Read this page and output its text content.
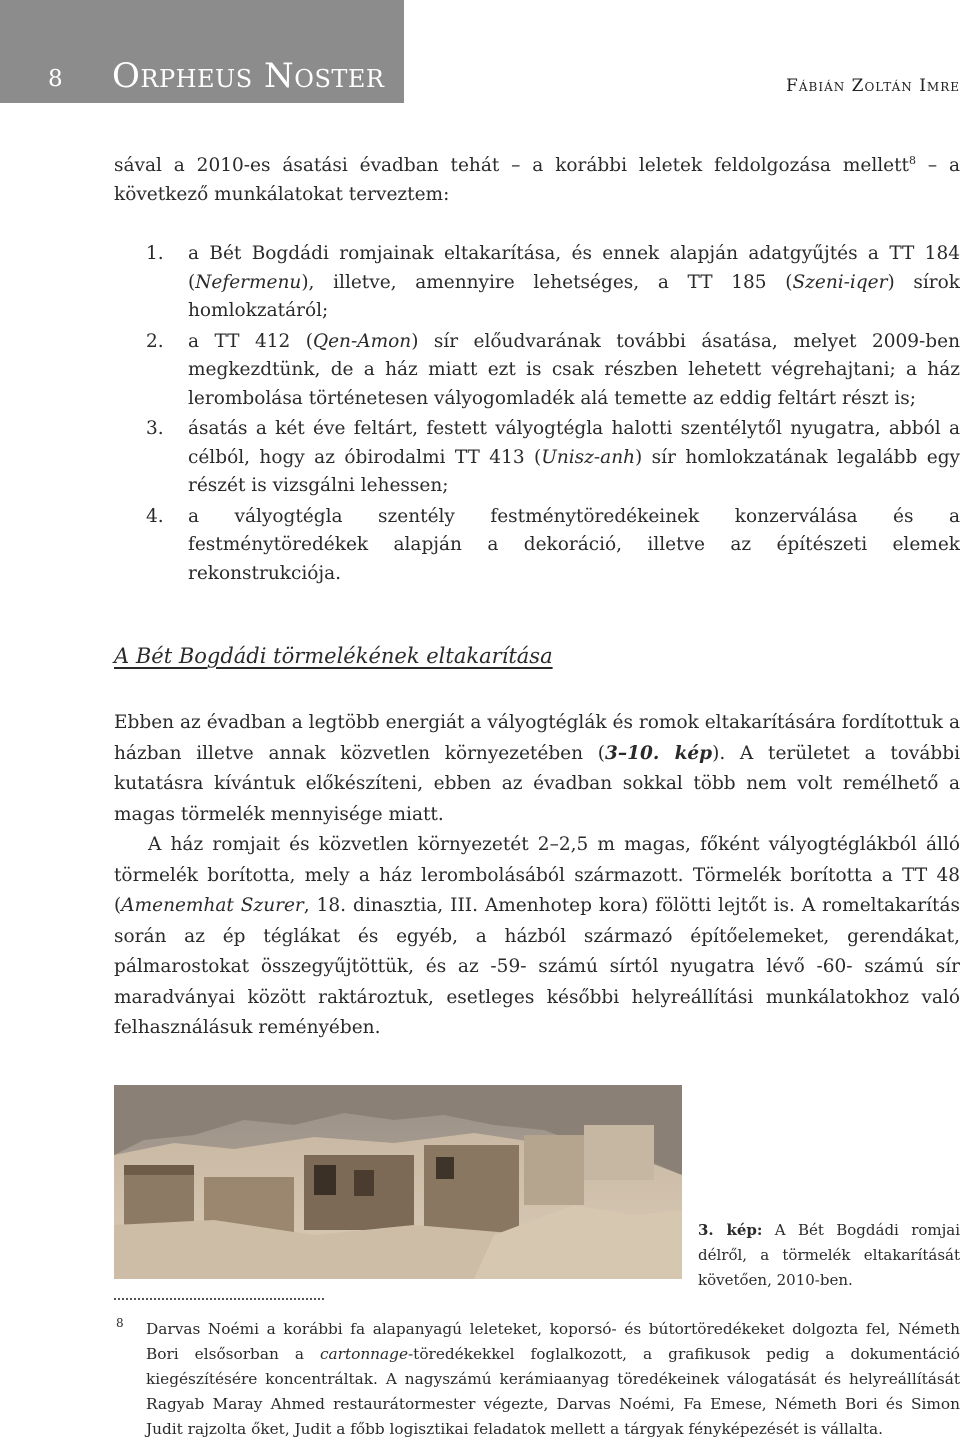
8 Orpheus Noster	Fábián Zoltán Imre

sával a 2010-es ásatási évadban tehát – a korábbi leletek feldolgozása mellett$^8$ – a következő munkálatokat terveztem:

1. a Bét Bogdádi romjainak eltakarítása, és ennek alapján adatgyűjtés a TT 184 (Nefermenu), illetve, amennyire lehetséges, a TT 185 (Szeni-iqer) sírok homlokzatáról;
2. a TT 412 (Qen-Amon) sír előudvarának további ásatása, melyet 2009-ben megkezdtünk, de a ház miatt ezt is csak részben lehetett végrehajtani; a ház lerombolása történetesen vályogomladék alá temette az eddig feltárt részt is;
3. ásatás a két éve feltárt, festett vályogtégla halotti szentélytől nyugatra, abból a célból, hogy az óbirodalmi TT 413 (Unisz-anh) sír homlokzatának legalább egy részét is vizsgálni lehessen;
4. a vályogtégla szentély festménytöredékeinek konzerválása és a festménytöredékek alapján a dekoráció, illetve az építészeti elemek rekonstrukciója.
A Bét Bogdádi törmelékének eltakarítása

Ebben az évadban a legtöbb energiát a vályogtéglák és romok eltakarítására fordítottuk a házban illetve annak közvetlen környezetében (3–10. kép). A területet a további kutatásra kívántuk előkészíteni, ebben az évadban sokkal több nem volt remélhető a magas törmelék mennyisége miatt.

A ház romjait és közvetlen környezetét 2–2,5 m magas, főként vályogtéglákból álló törmelék borította, mely a ház lerombolásából származott. Törmelék borította a TT 48 (Amenemhat Szurer, 18. dinasztia, III. Amenhotep kora) fölötti lejtőt is. A romeltakarítás során az ép téglákat és egyéb, a házból származó építőelemeket, gerendákat, pálmarostokat összegyűjtöttük, és az -59- számú sírtól nyugatra lévő -60- számú sír maradványai között raktároztuk, esetleges későbbi helyreállítási munkálatokhoz való felhasználásuk reményében.

3. kép: A Bét Bogdádi romjai délről, a törmelék eltakarítását követően, 2010-ben.
8 Darvas Noémi a korábbi fa alapanyagú leleteket, koporsó- és bútortöredékeket dolgozta fel, Németh Bori elsősorban a cartonnage-töredékekkel foglalkozott, a grafikusok pedig a dokumentáció kiegészítésére koncentráltak. A nagyszámú kerámiaanyag töredékeinek válogatását és helyreállítását Ragyab Maray Ahmed restaurátormester végezte, Darvas Noémi, Fa Emese, Németh Bori és Simon Judit rajzolta őket, Judit a főbb logisztikai feladatok mellett a tárgyak fényképezését is vállalta.
